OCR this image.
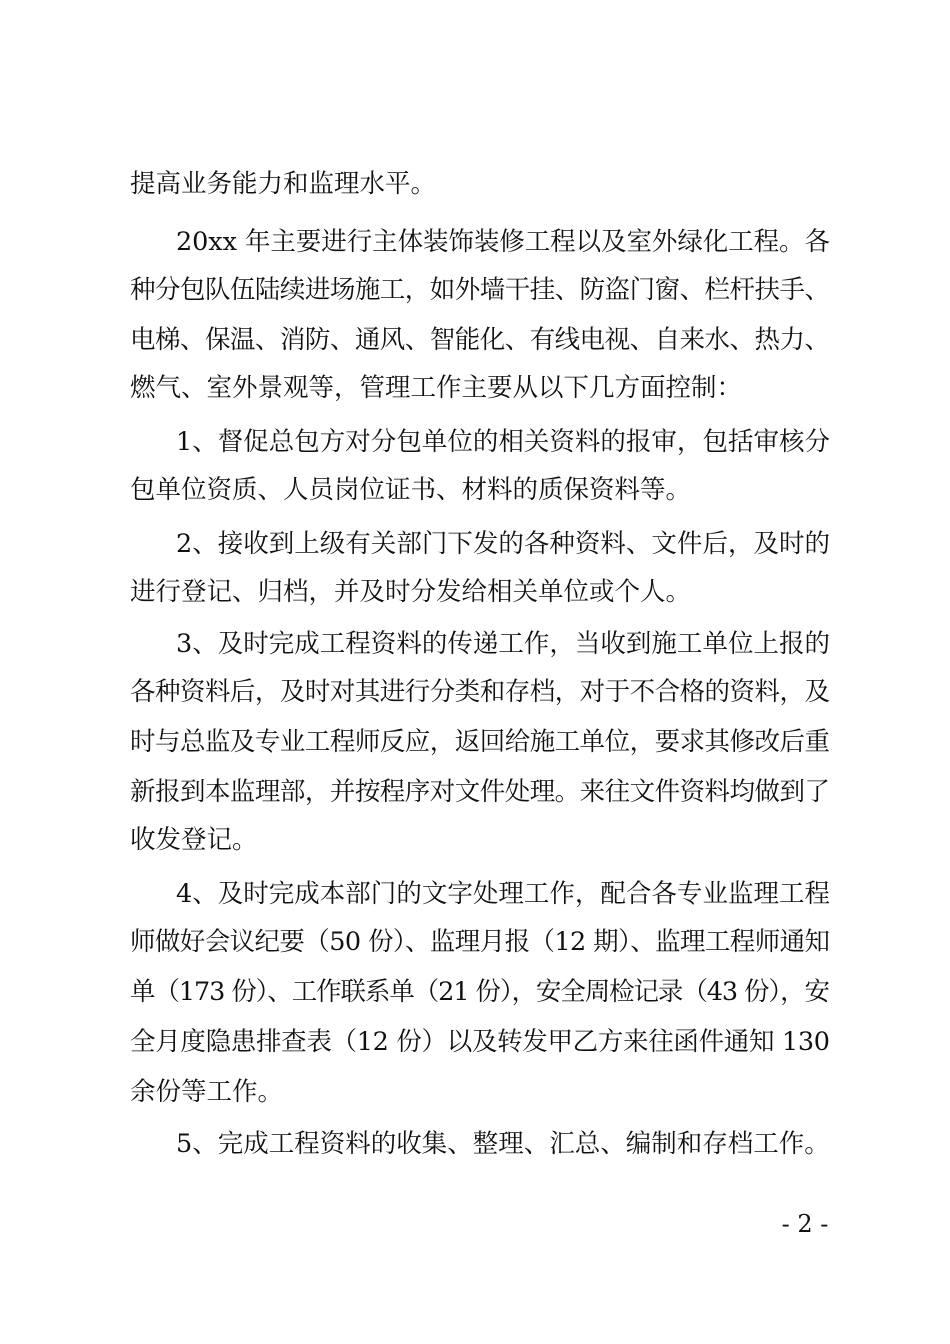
提高业务能力和监理水平。

20xx 年主要进行主体装饰装修工程以及室外绿化工程。各

种分包队伍陆续进场施工，如外墙干挂、防盗门窗、栏杆扶手、

电梯、保温、消防、通风、智能化、有线电视、自来水、热力、

燃气、室外景观等，管理工作主要从以下几方面控制：

1、督促总包方对分包单位的相关资料的报审，包括审核分

包单位资质、人员岗位证书、材料的质保资料等。

2、接收到上级有关部门下发的各种资料、文件后，及时的

进行登记、归档，并及时分发给相关单位或个人。

3、及时完成工程资料的传递工作，当收到施工单位上报的

各种资料后，及时对其进行分类和存档，对于不合格的资料，及

时与总监及专业工程师反应，返回给施工单位，要求其修改后重

新报到本监理部，并按程序对文件处理。来往文件资料均做到了

收发登记。

4、及时完成本部门的文字处理工作，配合各专业监理工程

师做好会议纪要（50 份）、监理月报（12 期）、监理工程师通知

单（173 份）、工作联系单（21 份），安全周检记录（43 份），安

全月度隐患排查表（12 份）以及转发甲乙方来往函件通知 130

余份等工作。

5、完成工程资料的收集、整理、汇总、编制和存档工作。

- 2 -
